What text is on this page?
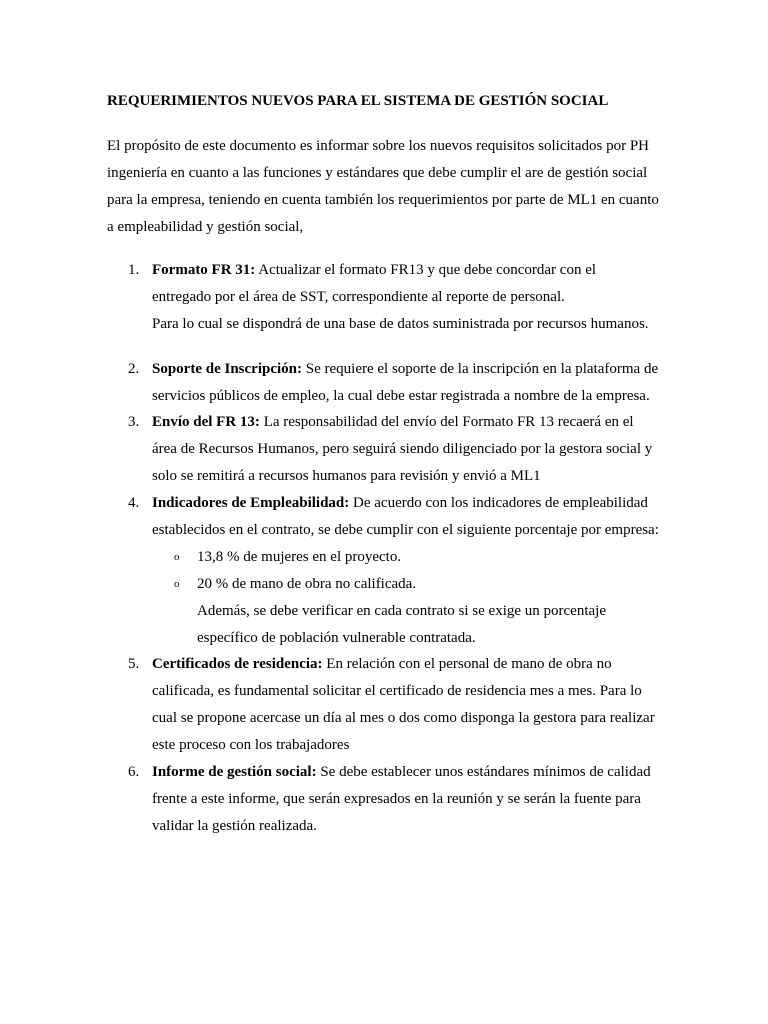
REQUERIMIENTOS NUEVOS PARA EL SISTEMA DE GESTIÓN SOCIAL
El propósito de este documento es informar sobre los nuevos requisitos solicitados por PH
ingeniería en cuanto a las funciones y estándares que debe cumplir el are de gestión social
para la empresa, teniendo en cuenta también los requerimientos por parte de ML1 en cuanto
a empleabilidad y gestión social,
1. Formato FR 31: Actualizar el formato FR13 y que debe concordar con el
entregado por el área de SST, correspondiente al reporte de personal.
Para lo cual se dispondrá de una base de datos suministrada por recursos humanos.
2. Soporte de Inscripción: Se requiere el soporte de la inscripción en la plataforma de
servicios públicos de empleo, la cual debe estar registrada a nombre de la empresa.
3. Envío del FR 13: La responsabilidad del envío del Formato FR 13 recaerá en el
área de Recursos Humanos, pero seguirá siendo diligenciado por la gestora social y
solo se remitirá a recursos humanos para revisión y envió a ML1
4. Indicadores de Empleabilidad: De acuerdo con los indicadores de empleabilidad
establecidos en el contrato, se debe cumplir con el siguiente porcentaje por empresa:
o 13,8 % de mujeres en el proyecto.
o 20 % de mano de obra no calificada.
Además, se debe verificar en cada contrato si se exige un porcentaje
específico de población vulnerable contratada.
5. Certificados de residencia: En relación con el personal de mano de obra no
calificada, es fundamental solicitar el certificado de residencia mes a mes. Para lo
cual se propone acercase un día al mes o dos como disponga la gestora para realizar
este proceso con los trabajadores
6. Informe de gestión social: Se debe establecer unos estándares mínimos de calidad
frente a este informe, que serán expresados en la reunión y se serán la fuente para
validar la gestión realizada.
